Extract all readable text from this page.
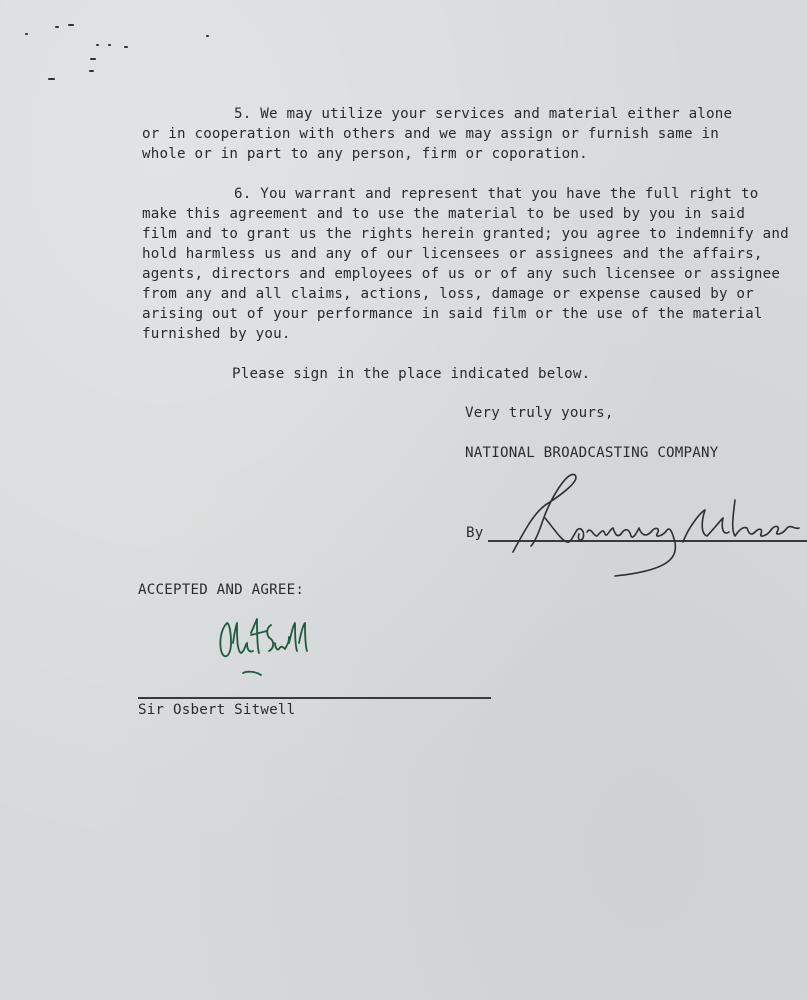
5. We may utilize your services and material either alone
or in cooperation with others and we may assign or furnish same in
whole or in part to any person, firm or coporation.
6. You warrant and represent that you have the full right to
make this agreement and to use the material to be used by you in said
film and to grant us the rights herein granted; you agree to indemnify and
hold harmless us and any of our licensees or assignees and the affairs,
agents, directors and employees of us or of any such licensee or assignee
from any and all claims, actions, loss, damage or expense caused by or
arising out of your performance in said film or the use of the material
furnished by you.
Please sign in the place indicated below.
Very truly yours,
NATIONAL BROADCASTING COMPANY
By
ACCEPTED AND AGREE:
Sir Osbert Sitwell
